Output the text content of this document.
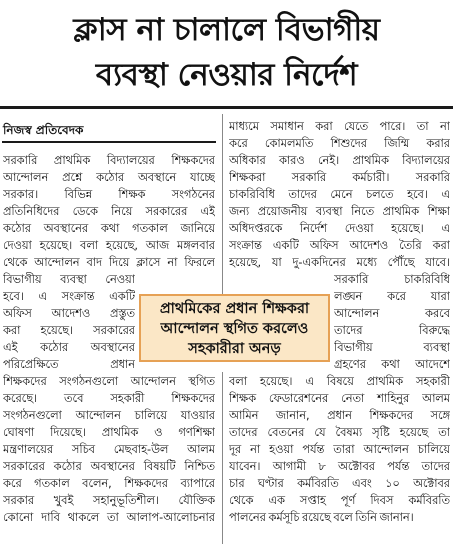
ক্লাস না চালালে বিভাগীয়
ব্যবস্থা নেওয়ার নির্দেশ
নিজস্ব প্রতিবেদক

সরকারি প্রাথমিক বিদ্যালয়ের শিক্ষকদের

আন্দোলন প্রশ্নে কঠোর অবস্থানে যাচ্ছে

সরকার। বিভিন্ন শিক্ষক সংগঠনের

প্রতিনিধিদের ডেকে নিয়ে সরকারের এই

কঠোর অবস্থানের কথা গতকাল জানিয়ে

দেওয়া হয়েছে। বলা হয়েছে, আজ মঙ্গলবার

থেকে আন্দোলন বাদ দিয়ে ক্লাসে না ফিরলে

বিভাগীয় ব্যবস্থা নেওয়া

হবে। এ সংক্রান্ত একটি

অফিস আদেশও প্রস্তুত

করা হয়েছে। সরকারের

এই কঠোর অবস্থানের

পরিপ্রেক্ষিতে প্রধান

মাধ্যমে সমাধান করা যেতে পারে। তা না

করে কোমলমতি শিশুদের জিম্মি করার

অধিকার কারও নেই। প্রাথমিক বিদ্যালয়ের

শিক্ষকরা সরকারি কর্মচারী। সরকারি

চাকরিবিধি তাদের মেনে চলতে হবে। এ

জন্য প্রয়োজনীয় ব্যবস্থা নিতে প্রাথমিক শিক্ষা

অধিদপ্তরকে নির্দেশ দেওয়া হয়েছে। এ

সংক্রান্ত একটি অফিস আদেশও তৈরি করা

হয়েছে, যা দু-একদিনের মধ্যে পৌঁছে যাবে।

সরকারি চাকরিবিধি

লঙ্ঘন করে যারা

আন্দোলন করবে

তাদের বিরুদ্ধে

বিভাগীয় ব্যবস্থা

গ্রহণের কথা আদেশে

প্রাথমিকের প্রধান শিক্ষকরা
আন্দোলন স্থগিত করলেও
সহকারীরা অনড়

শিক্ষকদের সংগঠনগুলো আন্দোলন স্থগিত

করেছে। তবে সহকারী শিক্ষকদের

সংগঠনগুলো আন্দোলন চালিয়ে যাওয়ার

ঘোষণা দিয়েছে। প্রাথমিক ও গণশিক্ষা

মন্ত্রণালয়ের সচিব মেছবাহ-উল আলম

সরকারের কঠোর অবস্থানের বিষয়টি নিশ্চিত

করে গতকাল বলেন, শিক্ষকদের ব্যাপারে

সরকার খুবই সহানুভূতিশীল। যৌক্তিক

কোনো দাবি থাকলে তা আলাপ-আলোচনার

বলা হয়েছে। এ বিষয়ে প্রাথমিক সহকারী

শিক্ষক ফেডারেশনের নেতা শাহিনুর আলম

আমিন জানান, প্রধান শিক্ষকদের সঙ্গে

তাদের বেতনের যে বৈষম্য সৃষ্টি হয়েছে তা

দূর না হওয়া পর্যন্ত তারা আন্দোলন চালিয়ে

যাবেন। আগামী ৮ অক্টোবর পর্যন্ত তাদের

চার ঘণ্টার কর্মবিরতি এবং ১০ অক্টোবর

থেকে এক সপ্তাহ পূর্ণ দিবস কর্মবিরতি

পালনের কর্মসূচি রয়েছে বলে তিনি জানান।
